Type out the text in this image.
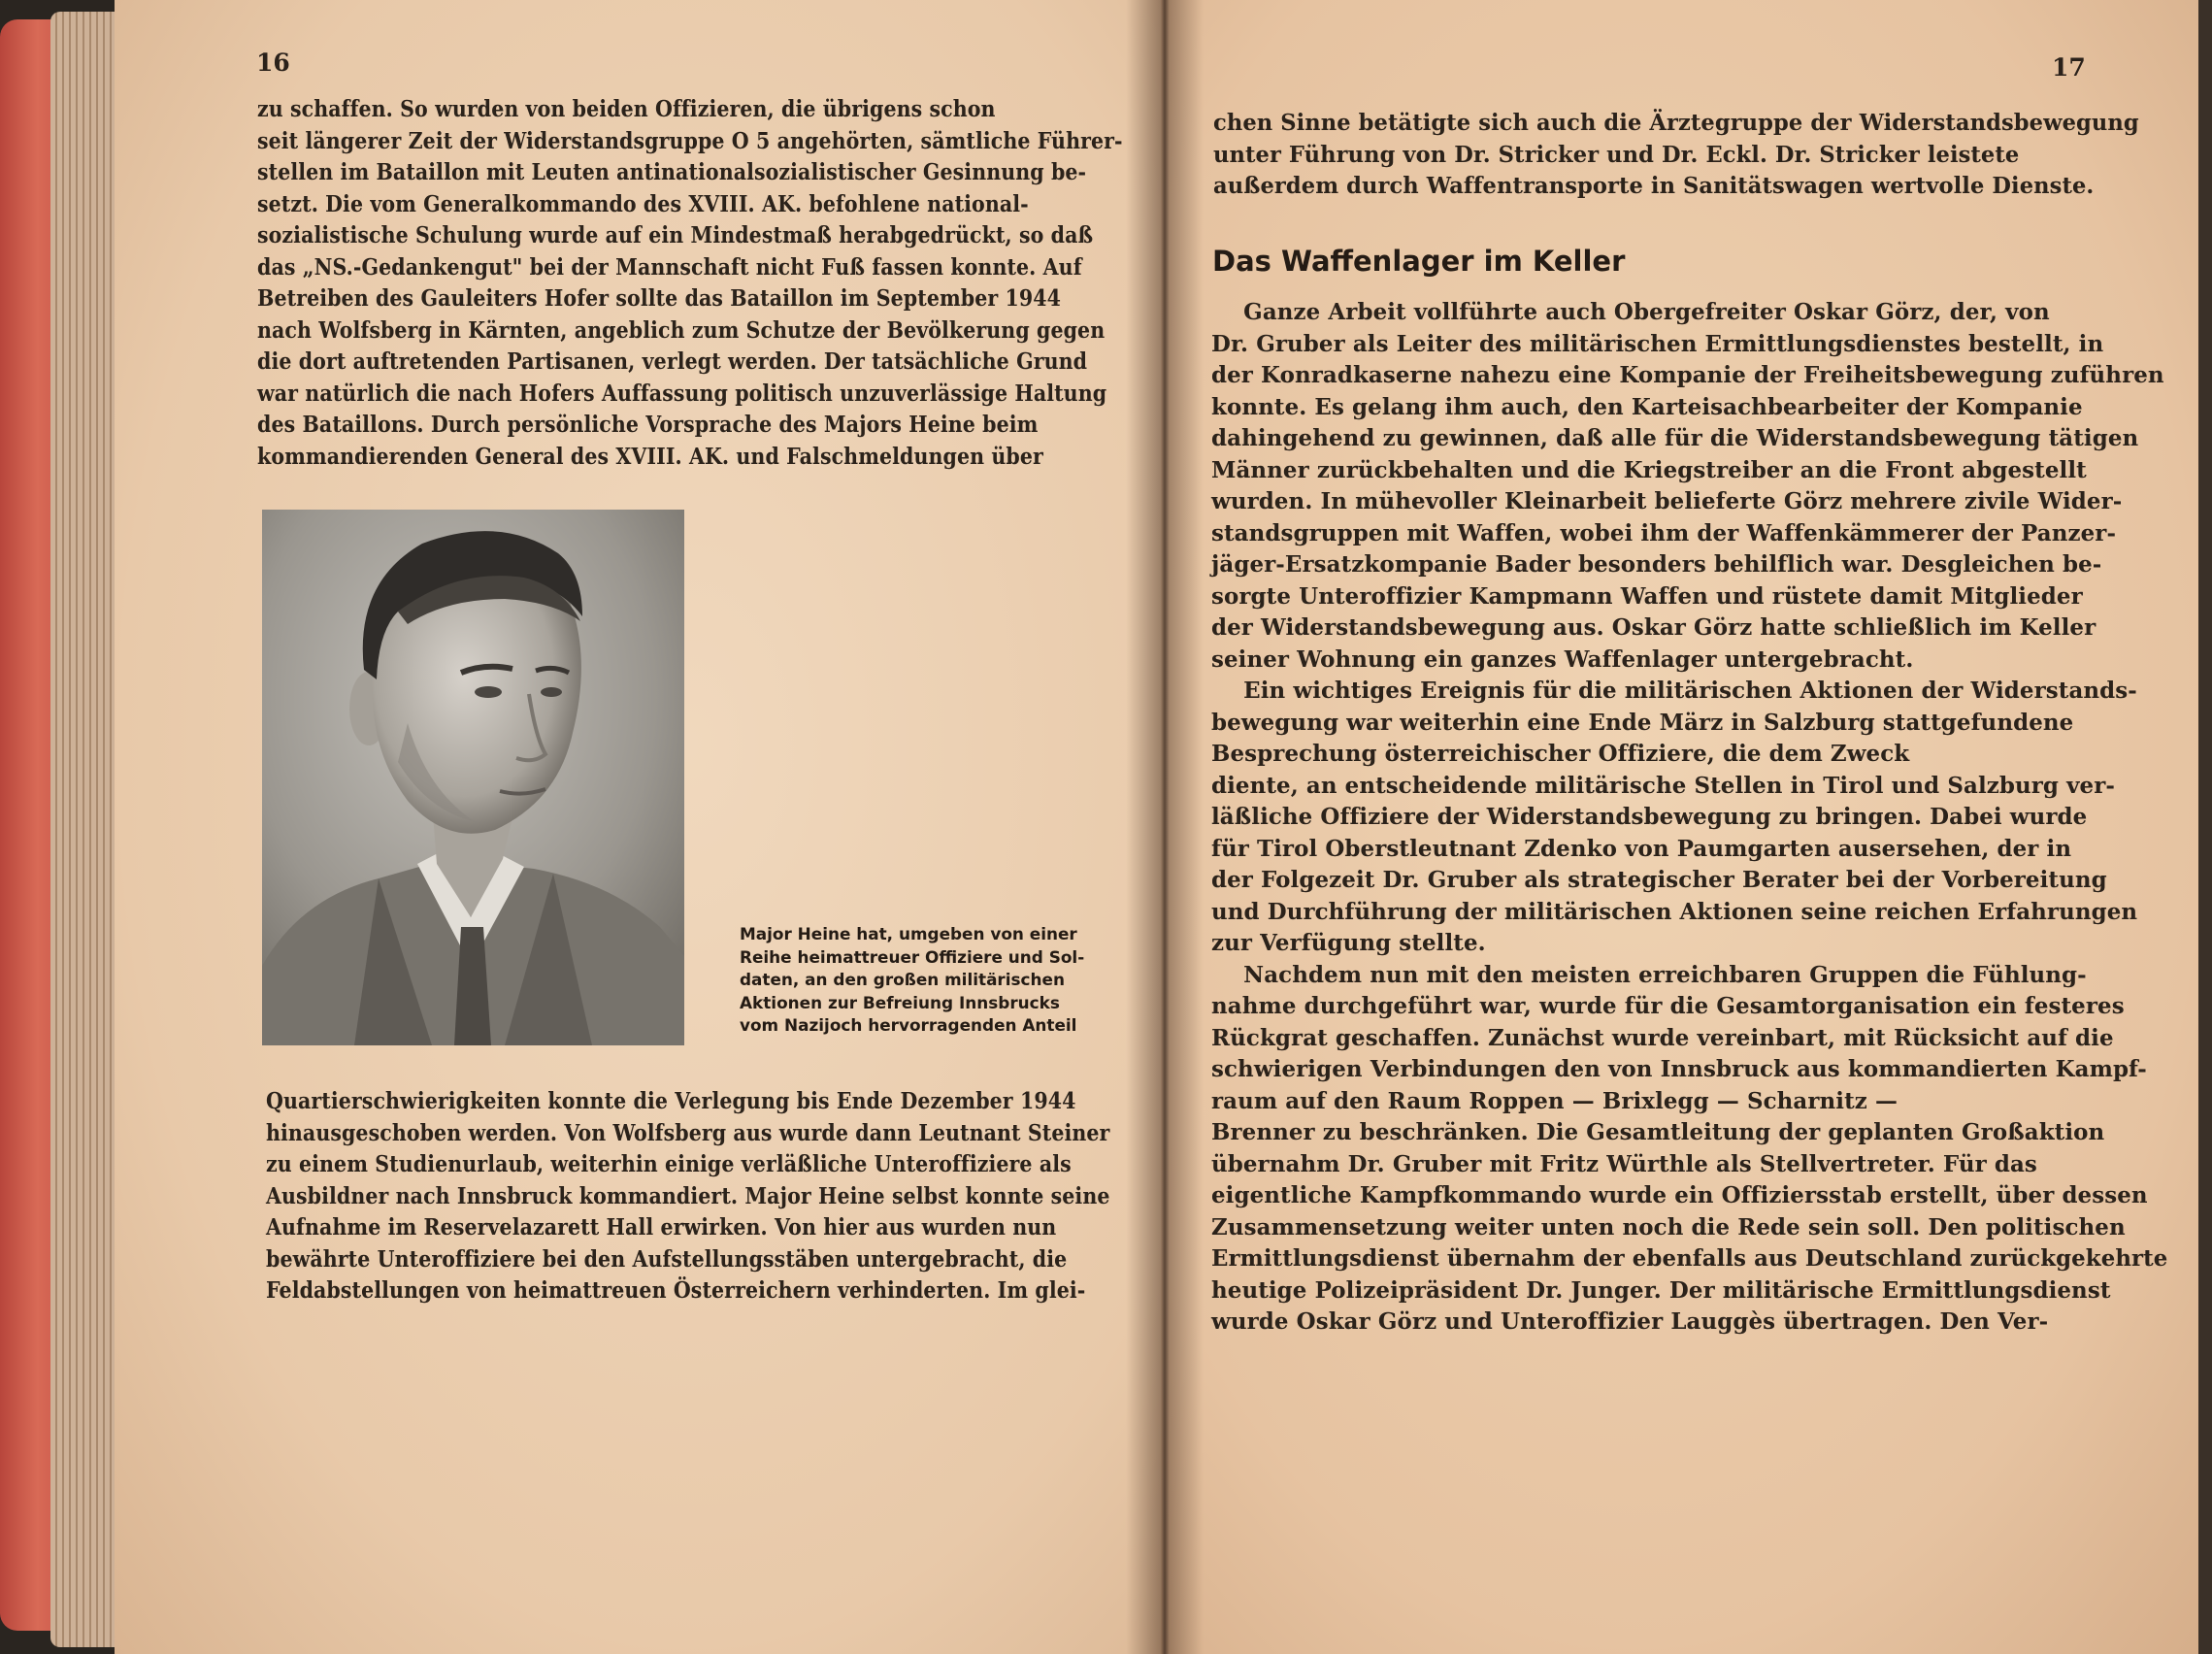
16
zu schaffen. So wurden von beiden Offizieren, die übrigens schon
seit längerer Zeit der Widerstandsgruppe O 5 angehörten, sämtliche Führer-
stellen im Bataillon mit Leuten antinationalsozialistischer Gesinnung be-
setzt. Die vom Generalkommando des XVIII. AK. befohlene national-
sozialistische Schulung wurde auf ein Mindestmaß herabgedrückt, so daß
das „NS.-Gedankengut" bei der Mannschaft nicht Fuß fassen konnte. Auf
Betreiben des Gauleiters Hofer sollte das Bataillon im September 1944
nach Wolfsberg in Kärnten, angeblich zum Schutze der Bevölkerung gegen
die dort auftretenden Partisanen, verlegt werden. Der tatsächliche Grund
war natürlich die nach Hofers Auffassung politisch unzuverlässige Haltung
des Bataillons. Durch persönliche Vorsprache des Majors Heine beim
kommandierenden General des XVIII. AK. und Falschmeldungen über
Major Heine hat, umgeben von einer
Reihe heimattreuer Offiziere und Sol-
daten, an den großen militärischen
Aktionen zur Befreiung Innsbrucks
vom Nazijoch hervorragenden Anteil
Quartierschwierigkeiten konnte die Verlegung bis Ende Dezember 1944
hinausgeschoben werden. Von Wolfsberg aus wurde dann Leutnant Steiner
zu einem Studienurlaub, weiterhin einige verläßliche Unteroffiziere als
Ausbildner nach Innsbruck kommandiert. Major Heine selbst konnte seine
Aufnahme im Reservelazarett Hall erwirken. Von hier aus wurden nun
bewährte Unteroffiziere bei den Aufstellungsstäben untergebracht, die
Feldabstellungen von heimattreuen Österreichern verhinderten. Im glei-
17
chen Sinne betätigte sich auch die Ärztegruppe der Widerstandsbewegung
unter Führung von Dr. Stricker und Dr. Eckl. Dr. Stricker leistete
außerdem durch Waffentransporte in Sanitätswagen wertvolle Dienste.
Das Waffenlager im Keller
Ganze Arbeit vollführte auch Obergefreiter Oskar Görz, der, von
Dr. Gruber als Leiter des militärischen Ermittlungsdienstes bestellt, in
der Konradkaserne nahezu eine Kompanie der Freiheitsbewegung zuführen
konnte. Es gelang ihm auch, den Karteisachbearbeiter der Kompanie
dahingehend zu gewinnen, daß alle für die Widerstandsbewegung tätigen
Männer zurückbehalten und die Kriegstreiber an die Front abgestellt
wurden. In mühevoller Kleinarbeit belieferte Görz mehrere zivile Wider-
standsgruppen mit Waffen, wobei ihm der Waffenkämmerer der Panzer-
jäger-Ersatzkompanie Bader besonders behilflich war. Desgleichen be-
sorgte Unteroffizier Kampmann Waffen und rüstete damit Mitglieder
der Widerstandsbewegung aus. Oskar Görz hatte schließlich im Keller
seiner Wohnung ein ganzes Waffenlager untergebracht.
Ein wichtiges Ereignis für die militärischen Aktionen der Widerstands-
bewegung war weiterhin eine Ende März in Salzburg stattgefundene
Besprechung österreichischer Offiziere, die dem Zweck
diente, an entscheidende militärische Stellen in Tirol und Salzburg ver-
läßliche Offiziere der Widerstandsbewegung zu bringen. Dabei wurde
für Tirol Oberstleutnant Zdenko von Paumgarten ausersehen, der in
der Folgezeit Dr. Gruber als strategischer Berater bei der Vorbereitung
und Durchführung der militärischen Aktionen seine reichen Erfahrungen
zur Verfügung stellte.
Nachdem nun mit den meisten erreichbaren Gruppen die Fühlung-
nahme durchgeführt war, wurde für die Gesamtorganisation ein festeres
Rückgrat geschaffen. Zunächst wurde vereinbart, mit Rücksicht auf die
schwierigen Verbindungen den von Innsbruck aus kommandierten Kampf-
raum auf den Raum Roppen — Brixlegg — Scharnitz —
Brenner zu beschränken. Die Gesamtleitung der geplanten Großaktion
übernahm Dr. Gruber mit Fritz Würthle als Stellvertreter. Für das
eigentliche Kampfkommando wurde ein Offiziersstab erstellt, über dessen
Zusammensetzung weiter unten noch die Rede sein soll. Den politischen
Ermittlungsdienst übernahm der ebenfalls aus Deutschland zurückgekehrte
heutige Polizeipräsident Dr. Junger. Der militärische Ermittlungsdienst
wurde Oskar Görz und Unteroffizier Lauggès übertragen. Den Ver-
